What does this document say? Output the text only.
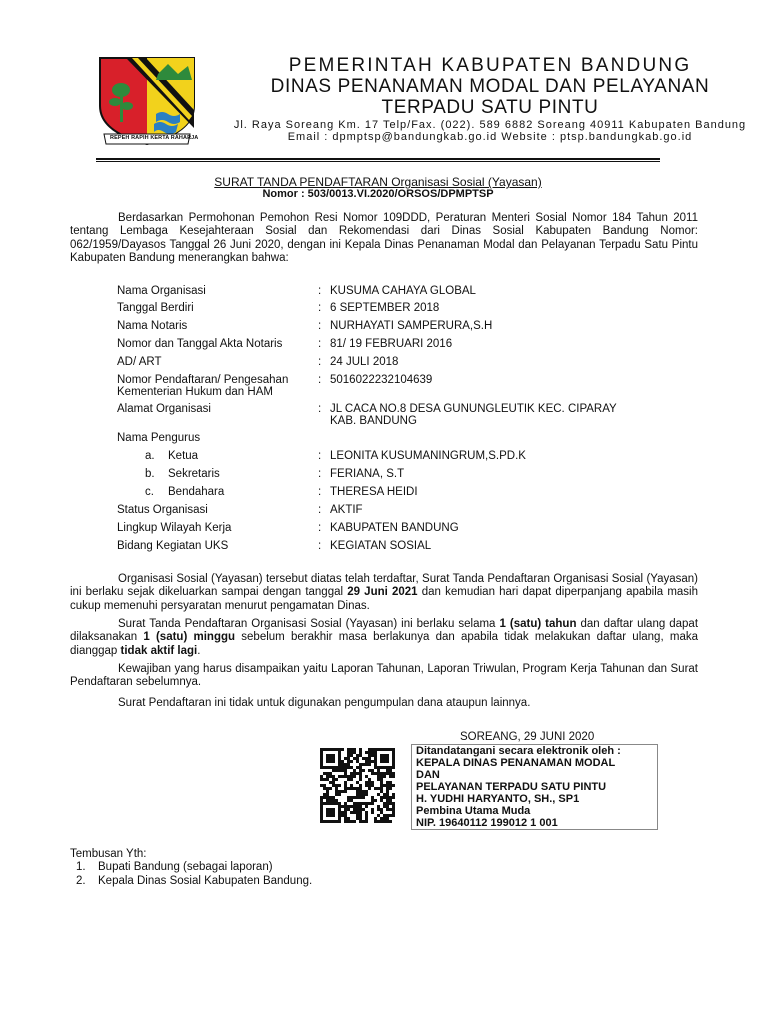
REPEH RAPIH KERTA RAHARJA
PEMERINTAH KABUPATEN BANDUNG
DINAS PENANAMAN MODAL DAN PELAYANAN
TERPADU SATU PINTU
Jl. Raya Soreang Km. 17 Telp/Fax. (022). 589 6882 Soreang 40911 Kabupaten Bandung
Email : dpmptsp@bandungkab.go.id Website : ptsp.bandungkab.go.id
SURAT TANDA PENDAFTARAN Organisasi Sosial (Yayasan)
Nomor : 503/0013.VI.2020/ORSOS/DPMPTSP
Berdasarkan Permohonan Pemohon Resi Nomor 109DDD, Peraturan Menteri Sosial Nomor 184 Tahun 2011 tentang Lembaga Kesejahteraan Sosial dan Rekomendasi dari Dinas Sosial Kabupaten Bandung Nomor: 062/1959/Dayasos Tanggal 26 Juni 2020, dengan ini Kepala Dinas Penanaman Modal dan Pelayanan Terpadu Satu Pintu Kabupaten Bandung menerangkan bahwa:
Nama Organisasi	: KUSUMA CAHAYA GLOBAL
Tanggal Berdiri	: 6 SEPTEMBER 2018
Nama Notaris	: NURHAYATI SAMPERURA,S.H
Nomor dan Tanggal Akta Notaris	: 81/ 19 FEBRUARI 2016
AD/ ART	: 24 JULI 2018
Nomor Pendaftaran/ Pengesahan Kementerian Hukum dan HAM
: 5016022232104639
Alamat Organisasi	: JL CACA NO.8 DESA GUNUNGLEUTIK KEC. CIPARAY KAB. BANDUNG
Nama Pengurus
a. Ketua	: LEONITA KUSUMANINGRUM,S.PD.K
b. Sekretaris	: FERIANA, S.T
c. Bendahara	: THERESA HEIDI
Status Organisasi	: AKTIF
Lingkup Wilayah Kerja	: KABUPATEN BANDUNG
Bidang Kegiatan UKS	: KEGIATAN SOSIAL
Organisasi Sosial (Yayasan) tersebut diatas telah terdaftar, Surat Tanda Pendaftaran Organisasi Sosial (Yayasan) ini berlaku sejak dikeluarkan sampai dengan tanggal 29 Juni 2021 dan kemudian hari dapat diperpanjang apabila masih cukup memenuhi persyaratan menurut pengamatan Dinas.
Surat Tanda Pendaftaran Organisasi Sosial (Yayasan) ini berlaku selama 1 (satu) tahun dan daftar ulang dapat dilaksanakan 1 (satu) minggu sebelum berakhir masa berlakunya dan apabila tidak melakukan daftar ulang, maka dianggap tidak aktif lagi.
Kewajiban yang harus disampaikan yaitu Laporan Tahunan, Laporan Triwulan, Program Kerja Tahunan dan Surat Pendaftaran sebelumnya.
Surat Pendaftaran ini tidak untuk digunakan pengumpulan dana ataupun lainnya.
SOREANG, 29 JUNI 2020
Ditandatangani secara elektronik oleh :
KEPALA DINAS PENANAMAN MODAL
DAN
PELAYANAN TERPADU SATU PINTU
H. YUDHI HARYANTO, SH., SP1
Pembina Utama Muda
NIP. 19640112 199012 1 001
Tembusan Yth:
1. Bupati Bandung (sebagai laporan)
2. Kepala Dinas Sosial Kabupaten Bandung.
